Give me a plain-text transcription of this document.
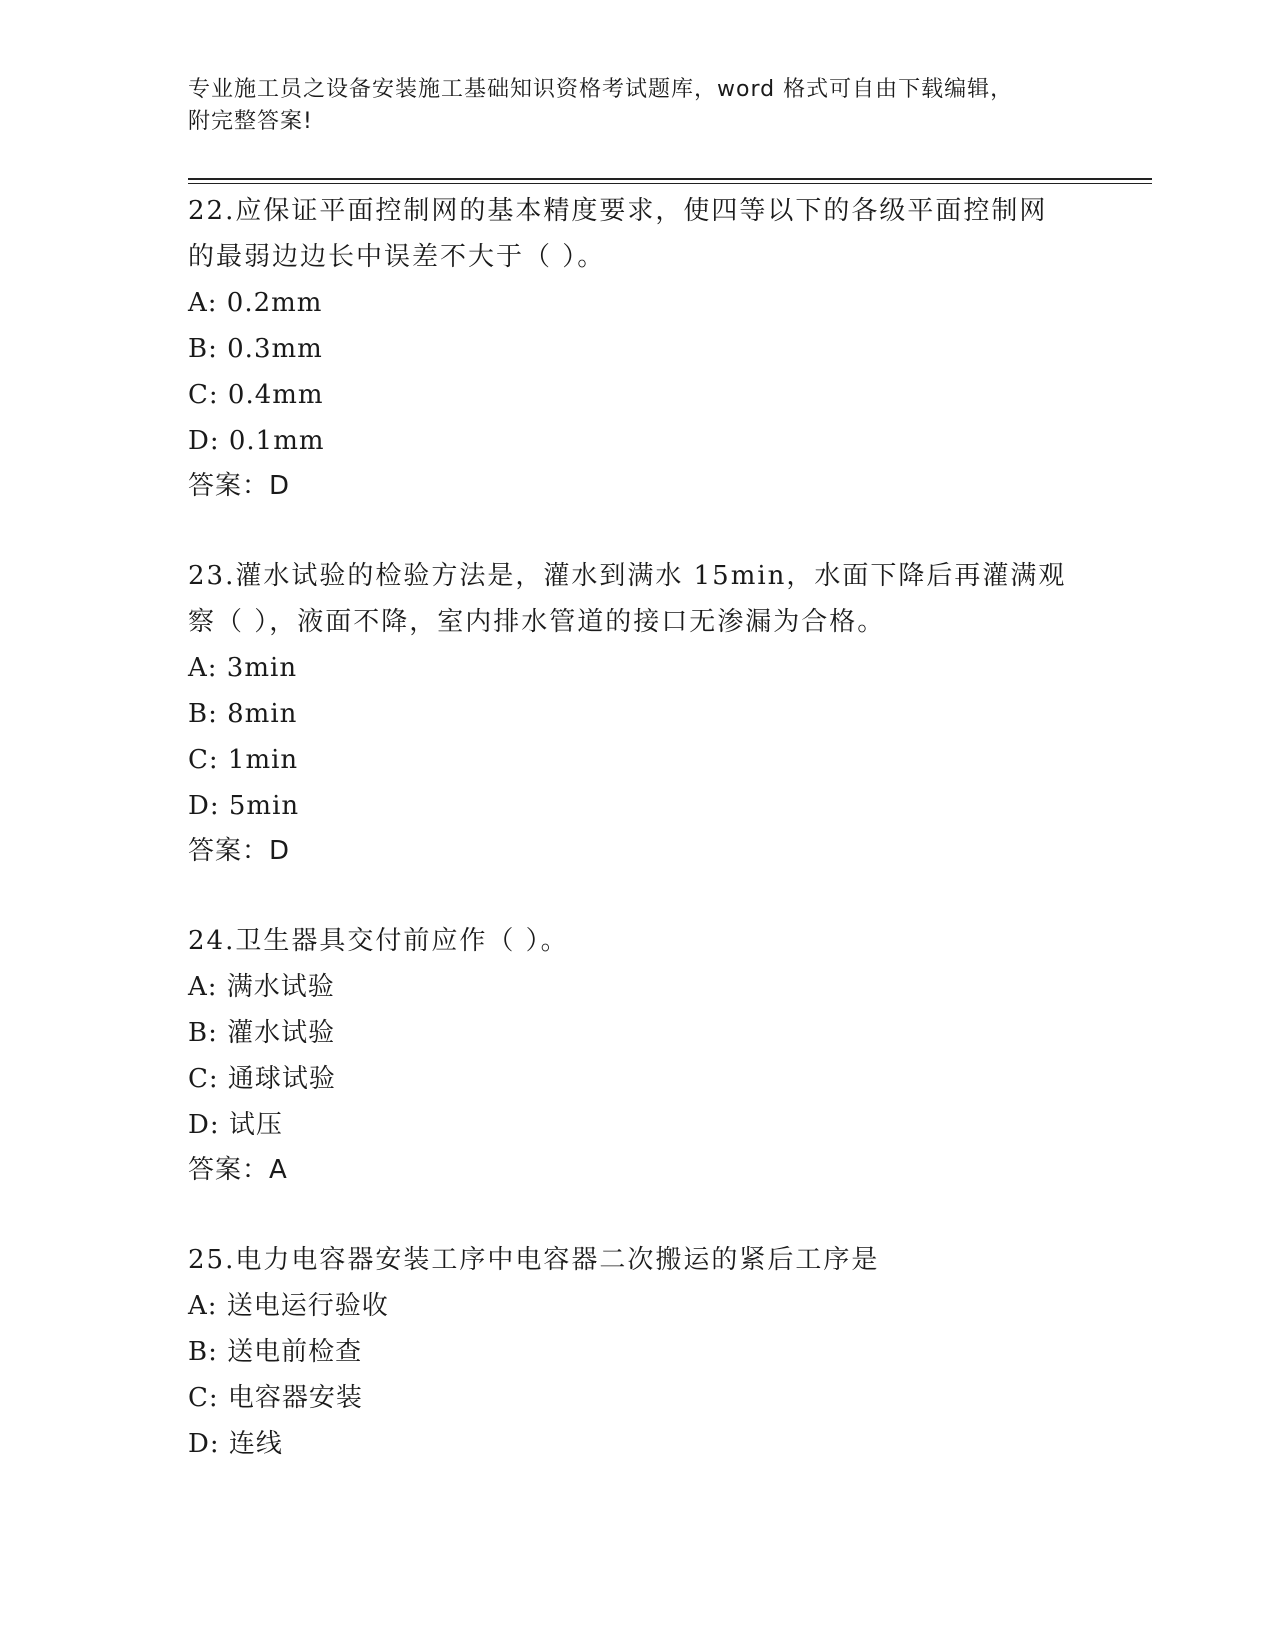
专业施工员之设备安装施工基础知识资格考试题库，word 格式可自由下载编辑，
附完整答案!
22.应保证平面控制网的基本精度要求，使四等以下的各级平面控制网
的最弱边边长中误差不大于（ ）。
A: 0.2mm
B: 0.3mm
C: 0.4mm
D: 0.1mm
答案：D
23.灌水试验的检验方法是，灌水到满水 15min，水面下降后再灌满观
察（ ），液面不降，室内排水管道的接口无渗漏为合格。
A: 3min
B: 8min
C: 1min
D: 5min
答案：D
24.卫生器具交付前应作（ ）。
A: 满水试验
B: 灌水试验
C: 通球试验
D: 试压
答案：A
25.电力电容器安装工序中电容器二次搬运的紧后工序是
A: 送电运行验收
B: 送电前检查
C: 电容器安装
D: 连线
